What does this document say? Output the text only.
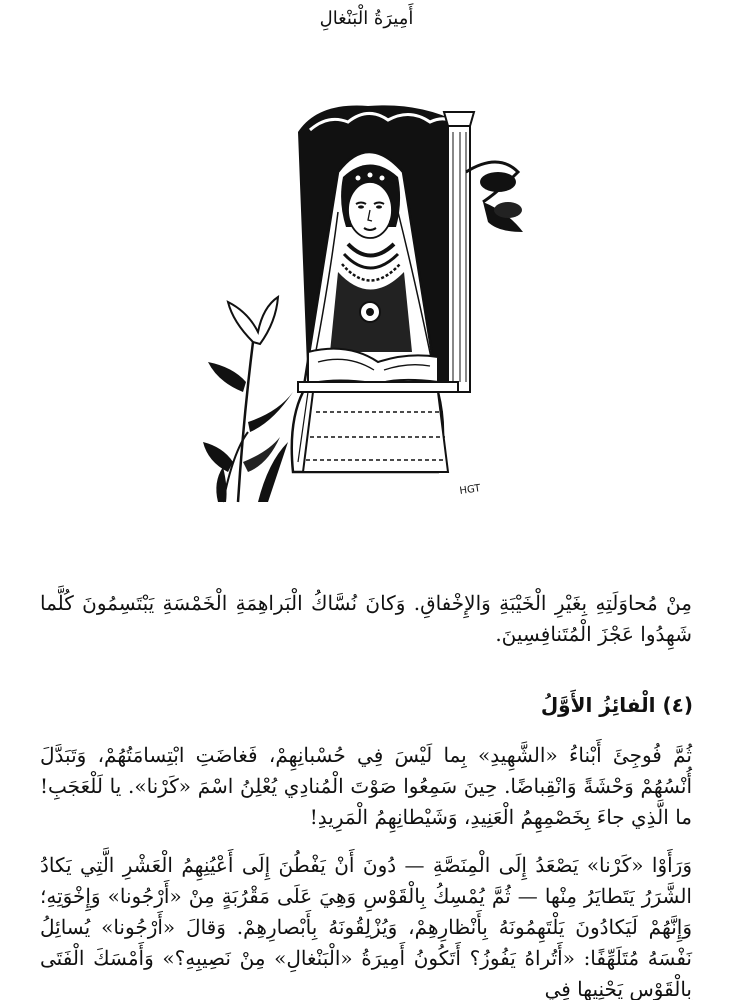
أَمِيرَةُ الْبَنْغالِ
HGT

مِنْ مُحاوَلَتِهِ بِغَيْرِ الْخَيْبَةِ وَالإِخْفاقِ. وَكانَ نُسَّاكُ الْبَراهِمَةِ الْخَمْسَةِ يَبْتَسِمُونَ كُلَّما شَهِدُوا عَجْزَ الْمُتَنافِسِينَ.

(٤) الْفائِزُ الأَوَّلُ

ثُمَّ فُوجِئَ أَبْناءُ «الشَّهِيدِ» بِما لَيْسَ فِي حُسْبانِهِمْ، فَغاضَتِ ابْتِسامَتُهُمْ، وَتَبَدَّلَ أُنْسُهُمْ وَحْشَةً وَانْقِباضًا. حِينَ سَمِعُوا صَوْتَ الْمُنادِي يُعْلِنُ اسْمَ «كَرْنا». يا لَلْعَجَبِ! ما الَّذِي جاءَ بِخَصْمِهِمُ الْعَنِيدِ، وَشَيْطانِهِمُ الْمَرِيدِ!

وَرَأَوْا «كَرْنا» يَصْعَدُ إِلَى الْمِنَصَّةِ — دُونَ أَنْ يَفْطُنَ إِلَى أَعْيُنِهِمُ الْعَشْرِ الَّتِي يَكادُ الشَّرَرُ يَتَطايَرُ مِنْها — ثُمَّ يُمْسِكُ بِالْقَوْسِ وَهِيَ عَلَى مَقْرُبَةٍ مِنْ «أَرْجُونا» وَإِخْوَتِهِ؛ وَإِنَّهُمْ لَيَكادُونَ يَلْتَهِمُونَهُ بِأَنْظارِهِمْ، وَيُزْلِقُونَهُ بِأَبْصارِهِمْ. وَقالَ «أَرْجُونا» يُسائِلُ نَفْسَهُ مُتَلَهِّفًا: «أَتُراهُ يَفُوزُ؟ أَتَكُونُ أَمِيرَةُ «الْبَنْغالِ» مِنْ نَصِيبِهِ؟» وَأَمْسَكَ الْفَتَى بِالْقَوْسِ يَحْنِيها فِي
